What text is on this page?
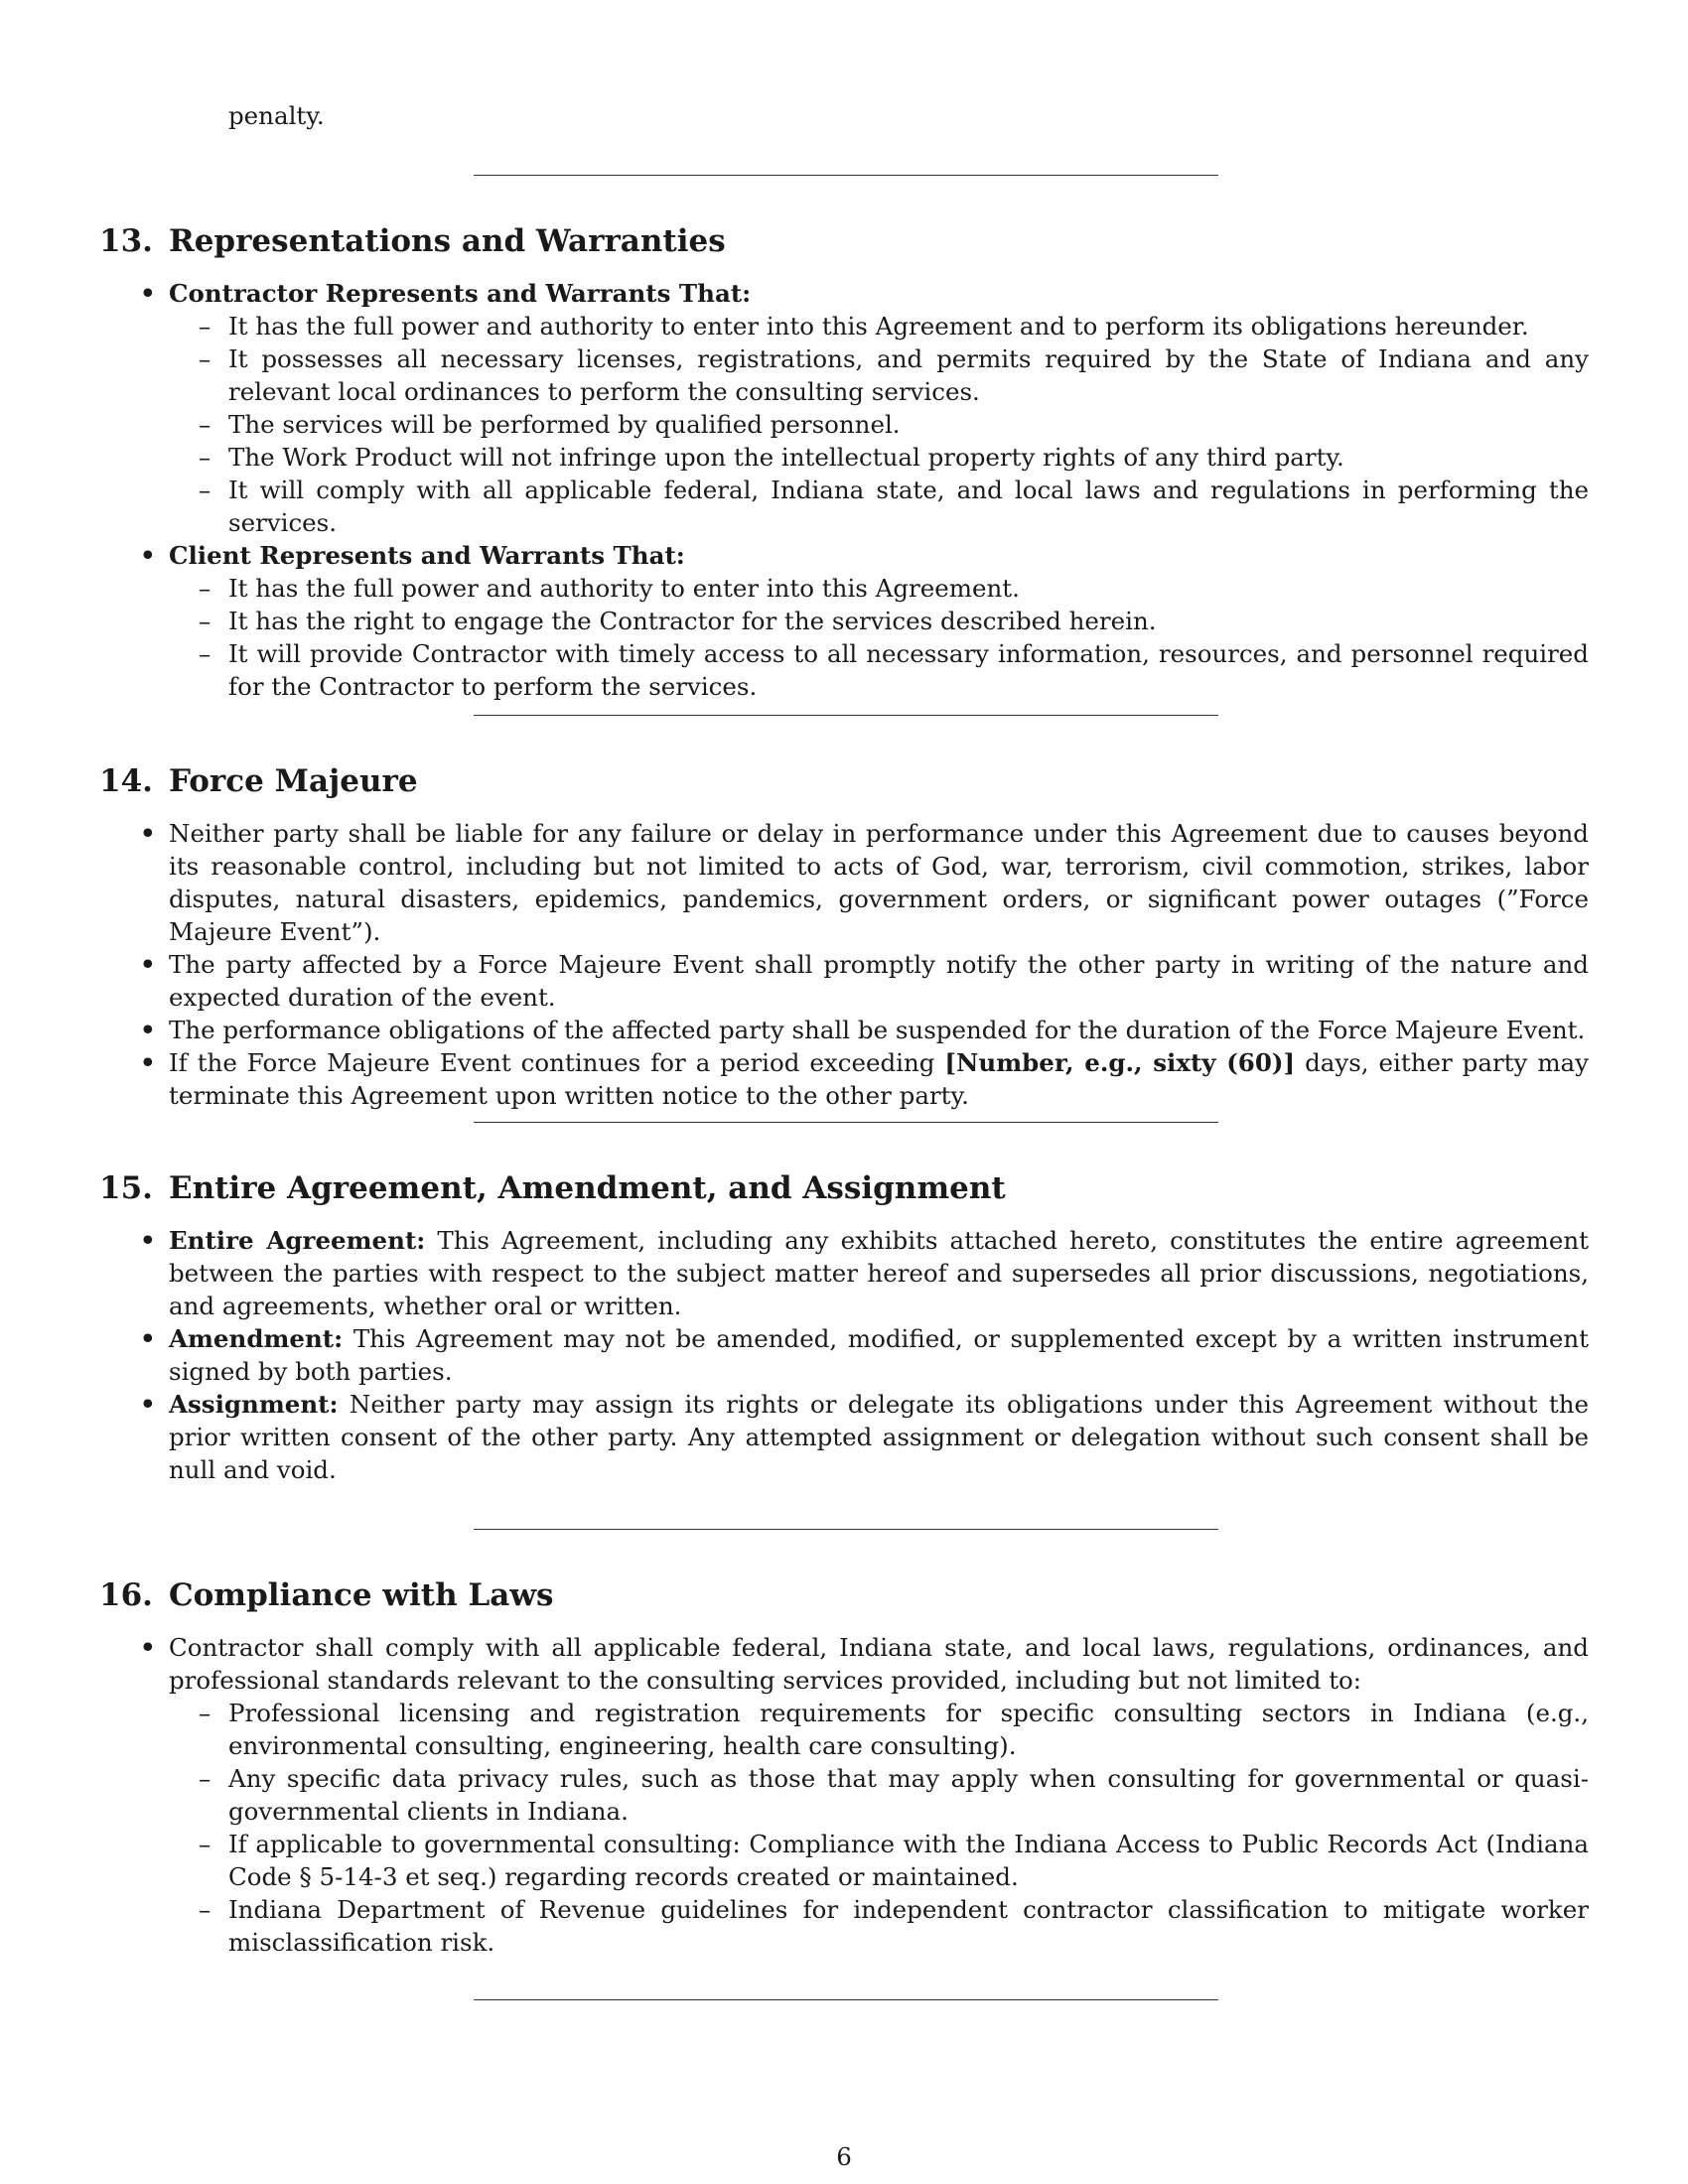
penalty.
13. Representations and Warranties
• Contractor Represents and Warrants That:
– It has the full power and authority to enter into this Agreement and to perform its obligations hereunder.
– It possesses all necessary licenses, registrations, and permits required by the State of Indiana and any relevant local ordinances to perform the consulting services.
– The services will be performed by qualified personnel.
– The Work Product will not infringe upon the intellectual property rights of any third party.
– It will comply with all applicable federal, Indiana state, and local laws and regulations in performing the services.
• Client Represents and Warrants That:
– It has the full power and authority to enter into this Agreement.
– It has the right to engage the Contractor for the services described herein.
– It will provide Contractor with timely access to all necessary information, resources, and personnel required for the Contractor to perform the services.
14. Force Majeure
• Neither party shall be liable for any failure or delay in performance under this Agreement due to causes beyond its reasonable control, including but not limited to acts of God, war, terrorism, civil commotion, strikes, labor disputes, natural disasters, epidemics, pandemics, government orders, or significant power outages (”Force Majeure Event”).
• The party affected by a Force Majeure Event shall promptly notify the other party in writing of the nature and expected duration of the event.
• The performance obligations of the affected party shall be suspended for the duration of the Force Majeure Event.
• If the Force Majeure Event continues for a period exceeding [Number, e.g., sixty (60)] days, either party may terminate this Agreement upon written notice to the other party.
15. Entire Agreement, Amendment, and Assignment
• Entire Agreement: This Agreement, including any exhibits attached hereto, constitutes the entire agreement between the parties with respect to the subject matter hereof and supersedes all prior discussions, negotiations, and agreements, whether oral or written.
• Amendment: This Agreement may not be amended, modified, or supplemented except by a written instrument signed by both parties.
• Assignment: Neither party may assign its rights or delegate its obligations under this Agreement without the prior written consent of the other party. Any attempted assignment or delegation without such consent shall be null and void.
16. Compliance with Laws
• Contractor shall comply with all applicable federal, Indiana state, and local laws, regulations, ordinances, and professional standards relevant to the consulting services provided, including but not limited to:
– Professional licensing and registration requirements for specific consulting sectors in Indiana (e.g., environmental consulting, engineering, health care consulting).
– Any specific data privacy rules, such as those that may apply when consulting for governmental or quasi-governmental clients in Indiana.
– If applicable to governmental consulting: Compliance with the Indiana Access to Public Records Act (Indiana Code § 5-14-3 et seq.) regarding records created or maintained.
– Indiana Department of Revenue guidelines for independent contractor classification to mitigate worker misclassification risk.
6
